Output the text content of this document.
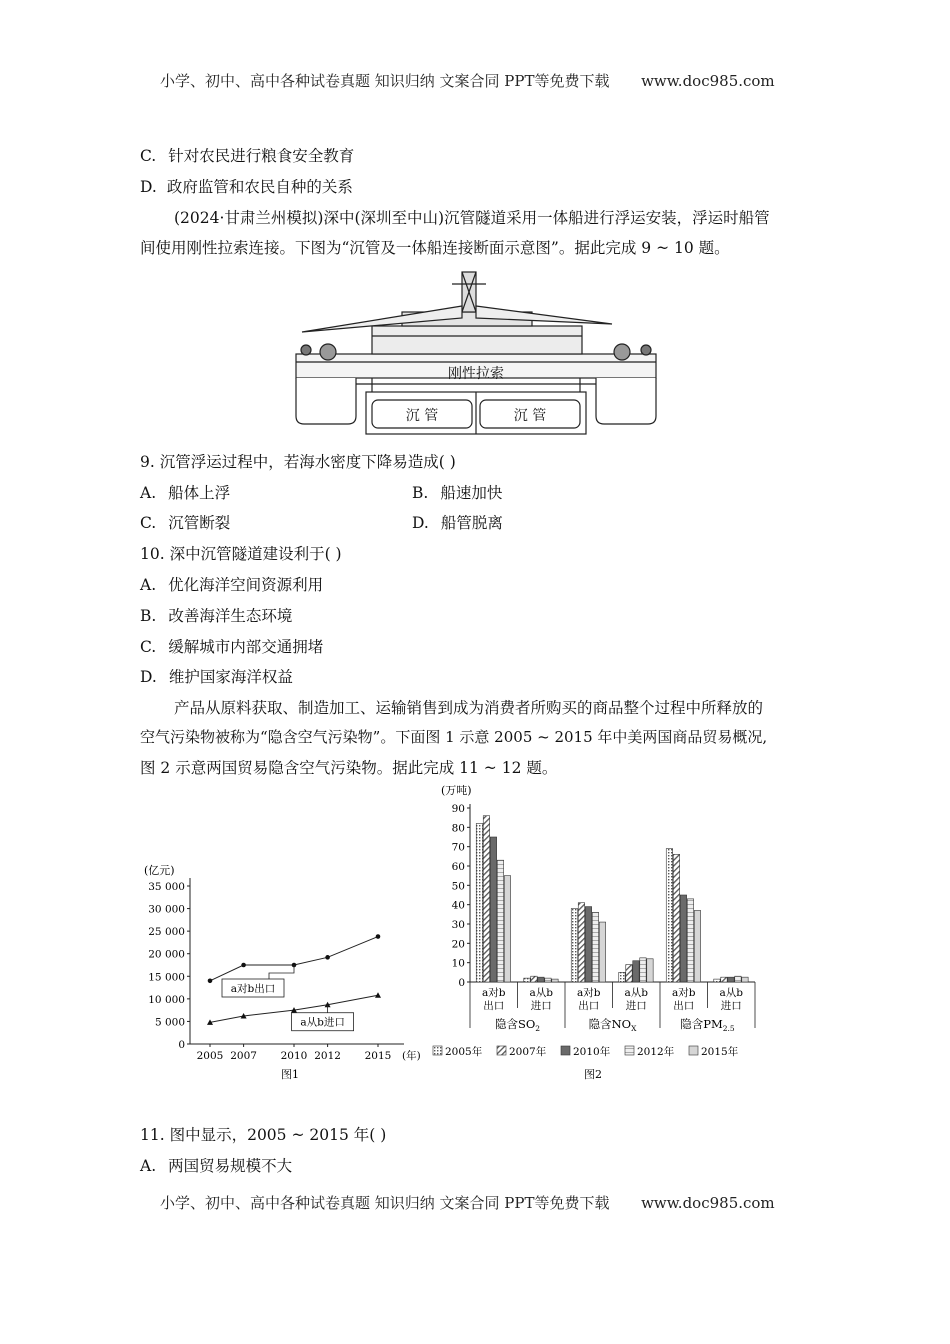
小学、初中、高中各种试卷真题 知识归纳 文案合同 PPT等免费下载 www.doc985.com
C. 针对农民进行粮食安全教育
D. 政府监管和农民自种的关系
(2024·甘肃兰州模拟)深中(深圳至中山)沉管隧道采用一体船进行浮运安装，浮运时船管
间使用刚性拉索连接。下图为“沉管及一体船连接断面示意图”。据此完成 9 ~ 10 题。
刚性拉索
沉 管	沉 管
9. 沉管浮运过程中，若海水密度下降易造成( )
A. 船体上浮	B. 船速加快
C. 沉管断裂	D. 船管脱离
10. 深中沉管隧道建设利于( )
A. 优化海洋空间资源利用
B. 改善海洋生态环境
C. 缓解城市内部交通拥堵
D. 维护国家海洋权益
产品从原料获取、制造加工、运输销售到成为消费者所购买的商品整个过程中所释放的
空气污染物被称为“隐含空气污染物”。下面图 1 示意 2005 ~ 2015 年中美两国商品贸易概况,
图 2 示意两国贸易隐含空气污染物。据此完成 11 ~ 12 题。
(亿元)
0
5 000
10 000
15 000
20 000
25 000
30 000
35 000
2005 2007 2010 2012 2015 (年)
图1
a对b出口
a从b进口
(万吨)
0
10
20
30
40
50
60
70
80
90
a对b
出口
a从b
进口
a对b
出口
a从b
进口
a对b
出口
a从b
进口
隐含$SO_2$	隐含$NO_X$	隐含$PM_{2.5}$
2005年	2007年	2010年	2012年	2015年
图2
11. 图中显示，2005 ~ 2015 年( )
A. 两国贸易规模不大
小学、初中、高中各种试卷真题 知识归纳 文案合同 PPT等免费下载 www.doc985.com
